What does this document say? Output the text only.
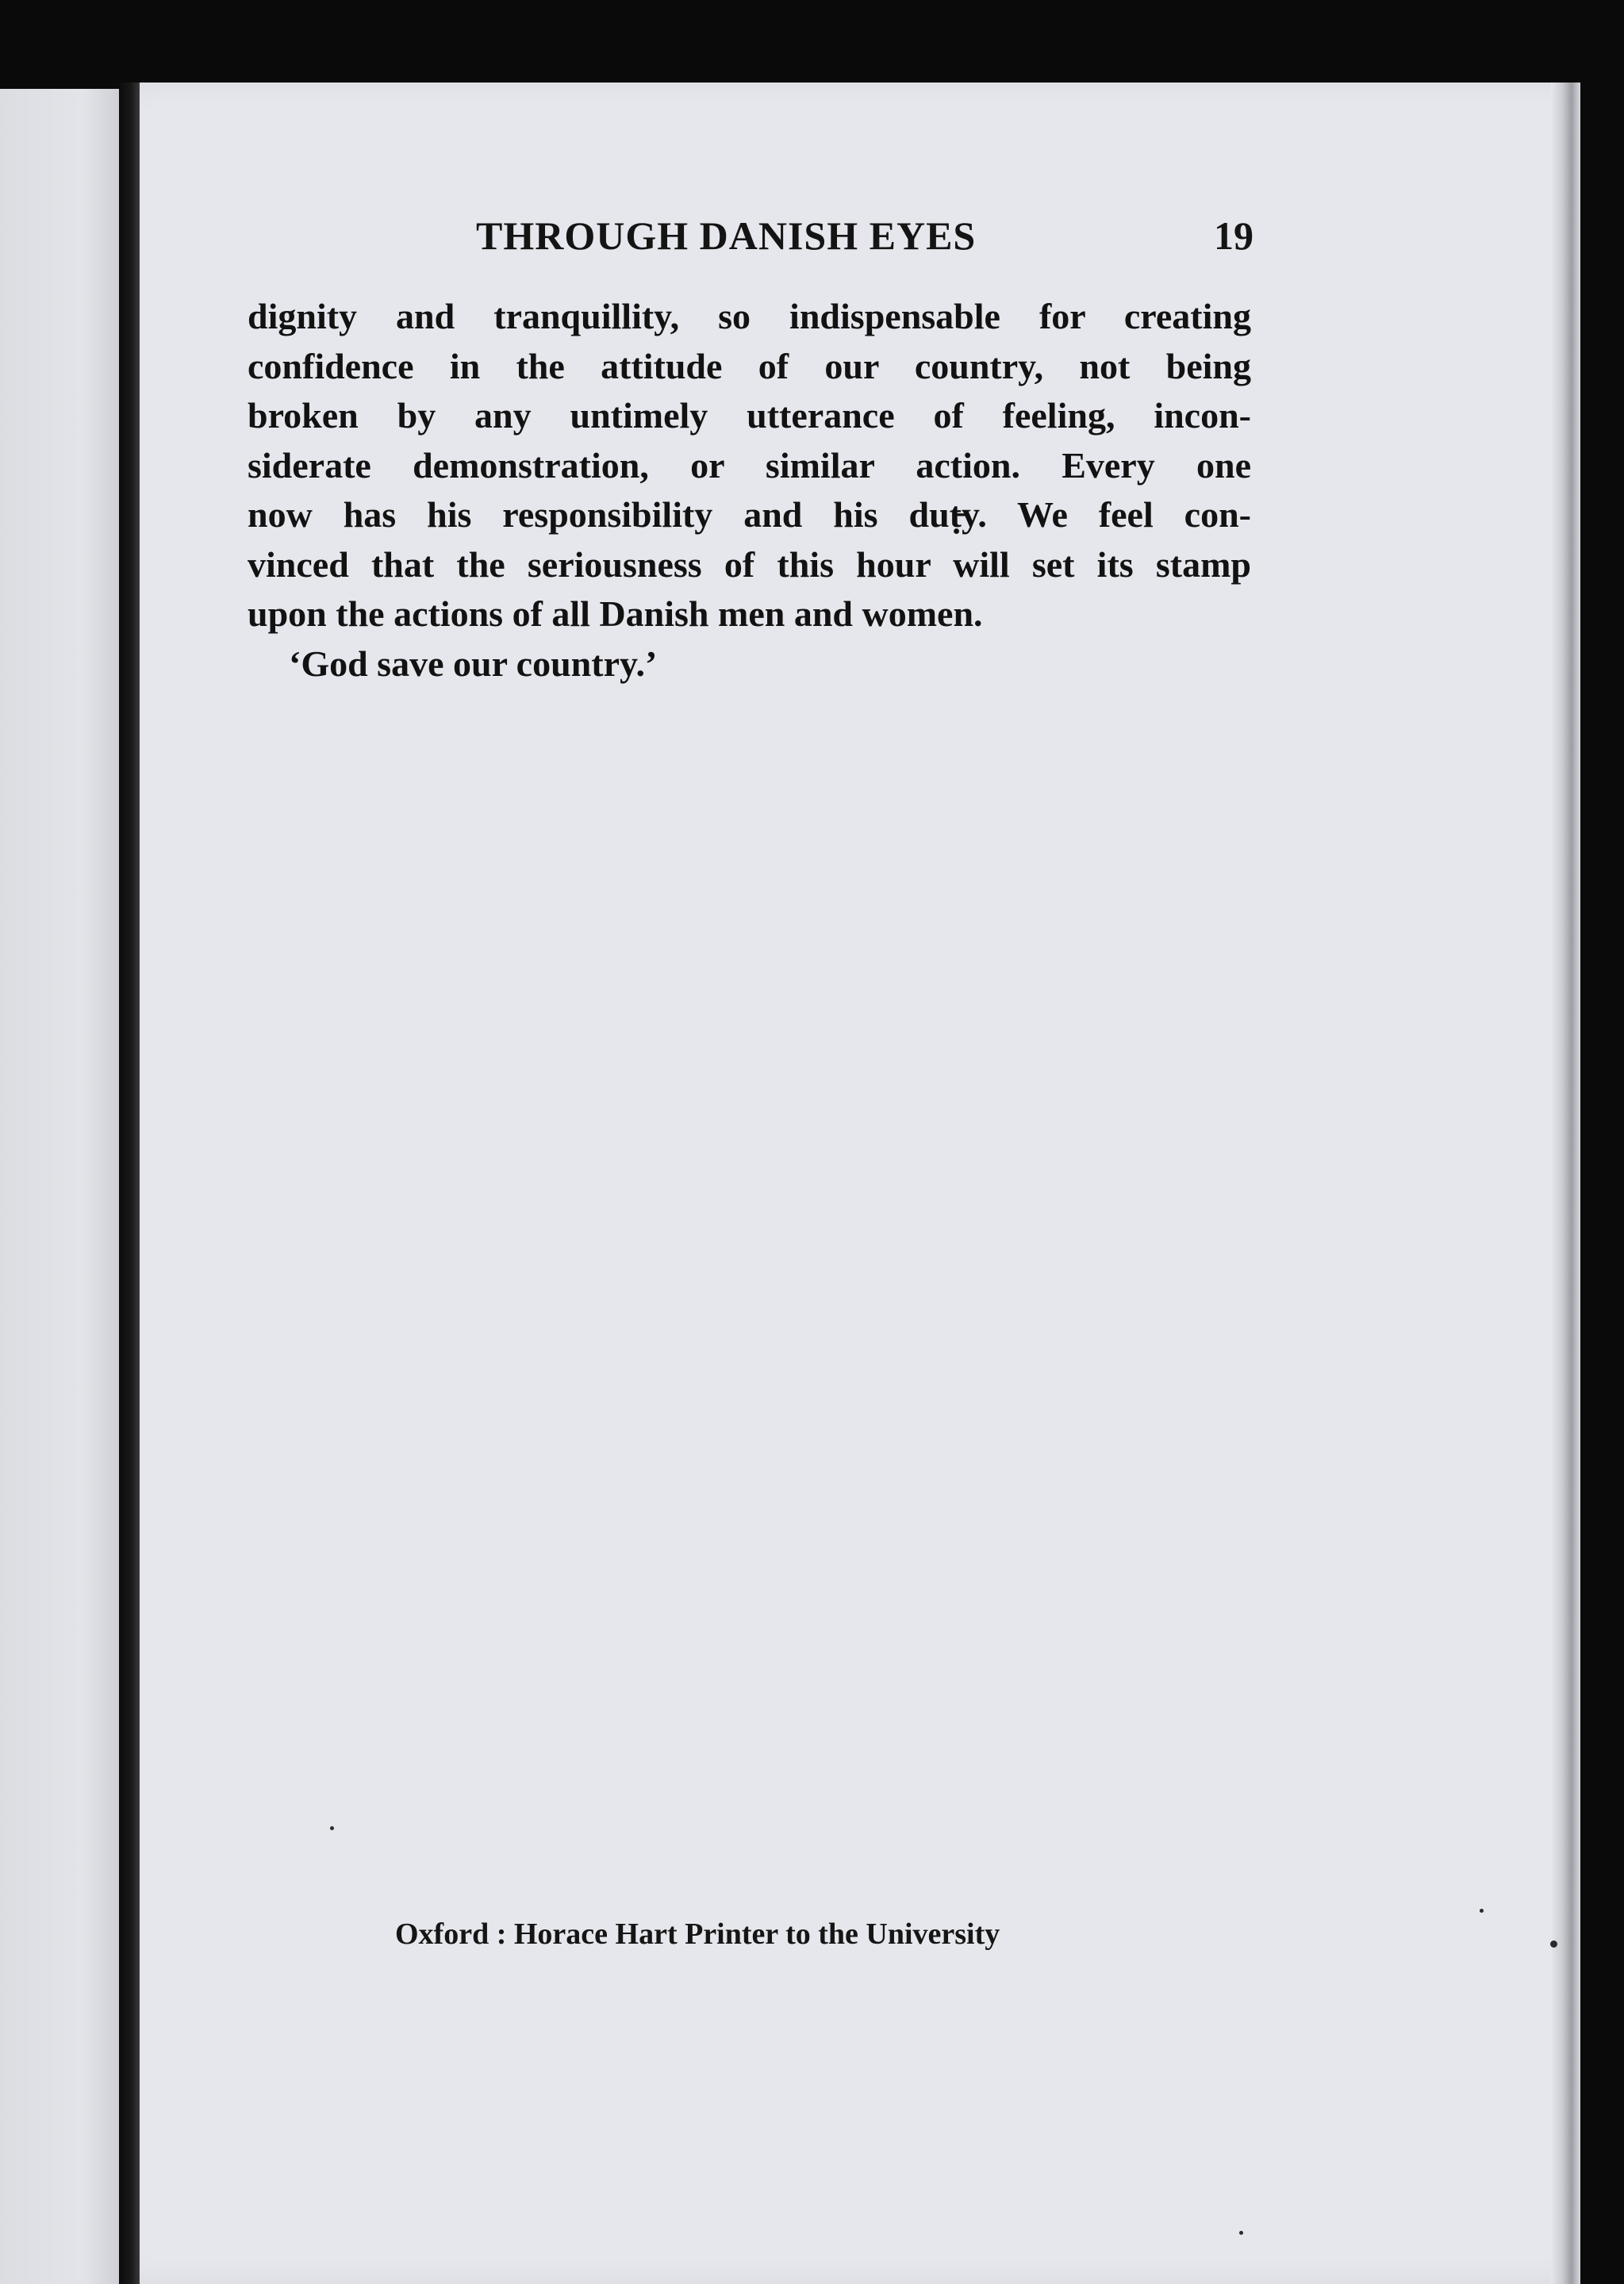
THROUGH DANISH EYES	19
dignity and tranquillity, so indispensable for creating
confidence in the attitude of our country, not being
broken by any untimely utterance of feeling, incon-
siderate demonstration, or similar action. Every one
now has his responsibility and his duṭ̵y. We feel con-
vinced that the seriousness of this hour will set its stamp
upon the actions of all Danish men and women.
‘God save our country.’
Oxford : Horace Hart Printer to the University
